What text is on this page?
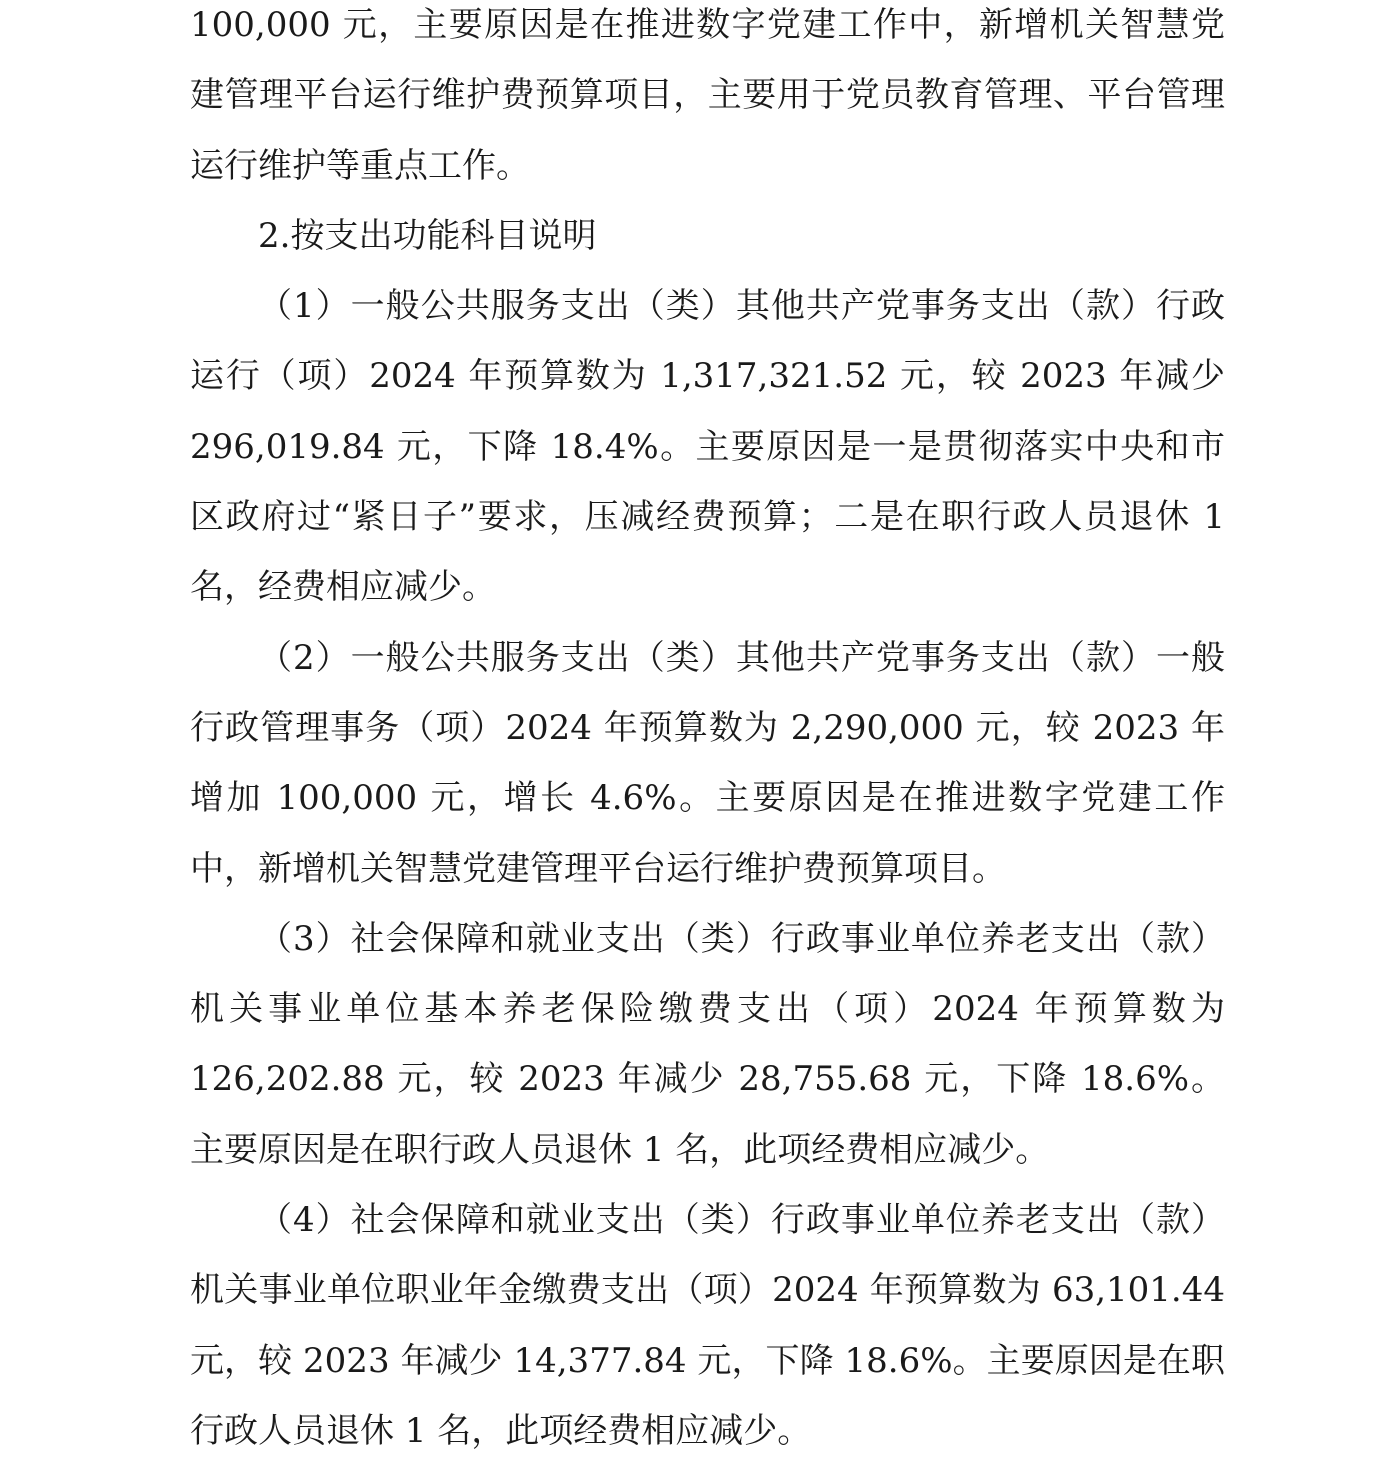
100,000 元，主要原因是在推进数字党建工作中，新增机关智慧党建管理平台运行维护费预算项目，主要用于党员教育管理、平台管理运行维护等重点工作。

2.按支出功能科目说明

（1）一般公共服务支出（类）其他共产党事务支出（款）行政运行（项）2024 年预算数为 1,317,321.52 元，较 2023 年减少 296,019.84 元，下降 18.4%。主要原因是一是贯彻落实中央和市区政府过“紧日子”要求，压减经费预算；二是在职行政人员退休 1 名，经费相应减少。

（2）一般公共服务支出（类）其他共产党事务支出（款）一般行政管理事务（项）2024 年预算数为 2,290,000 元，较 2023 年增加 100,000 元，增长 4.6%。主要原因是在推进数字党建工作中，新增机关智慧党建管理平台运行维护费预算项目。

（3）社会保障和就业支出（类）行政事业单位养老支出（款）机关事业单位基本养老保险缴费支出（项）2024 年预算数为 126,202.88 元，较 2023 年减少 28,755.68 元，下降 18.6%。主要原因是在职行政人员退休 1 名，此项经费相应减少。

（4）社会保障和就业支出（类）行政事业单位养老支出（款）机关事业单位职业年金缴费支出（项）2024 年预算数为 63,101.44 元，较 2023 年减少 14,377.84 元，下降 18.6%。主要原因是在职行政人员退休 1 名，此项经费相应减少。
